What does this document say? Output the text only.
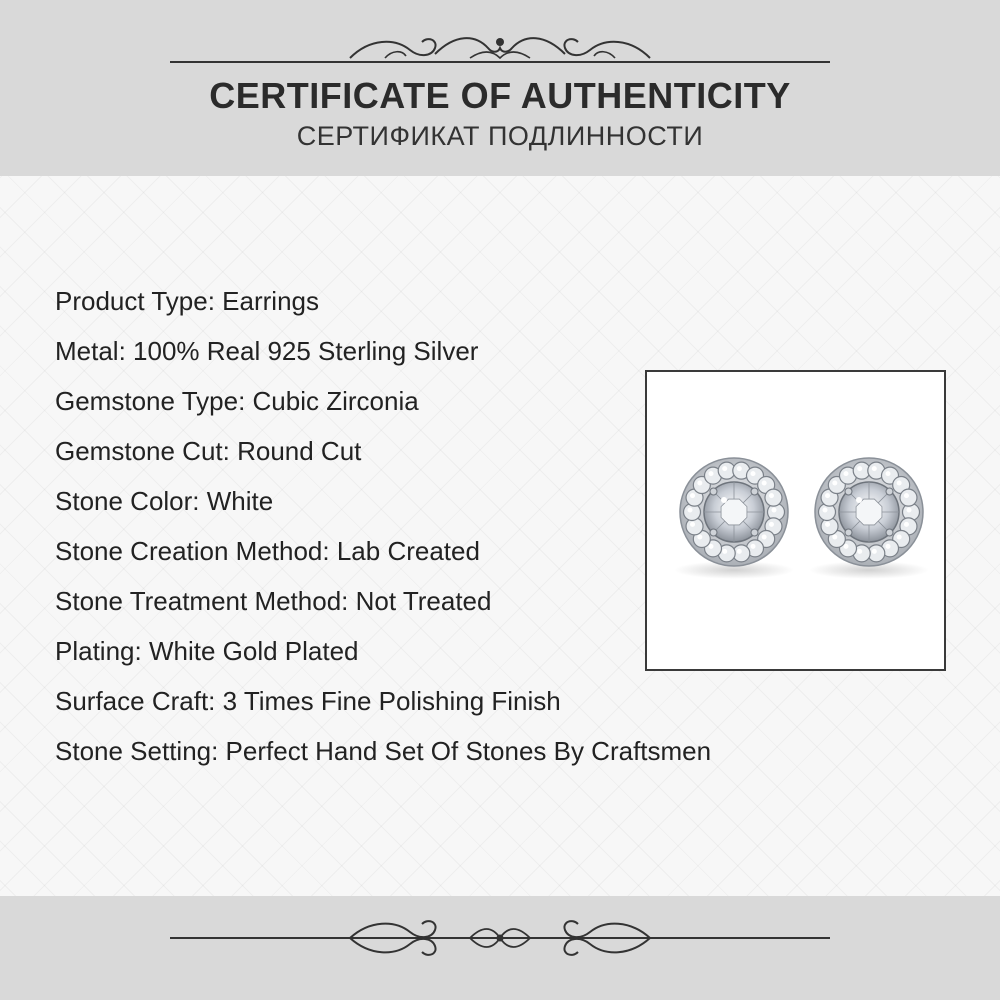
CERTIFICATE OF AUTHENTICITY
СЕРТИФИКАТ ПОДЛИННОСТИ
Product Type: Earrings
Metal: 100% Real 925 Sterling Silver
Gemstone Type: Cubic Zirconia
Gemstone Cut: Round Cut
Stone Color: White
Stone Creation Method: Lab Created
Stone Treatment Method: Not Treated
Plating: White Gold Plated
Surface Craft: 3 Times Fine Polishing Finish
Stone Setting: Perfect Hand Set Of Stones By Craftsmen
